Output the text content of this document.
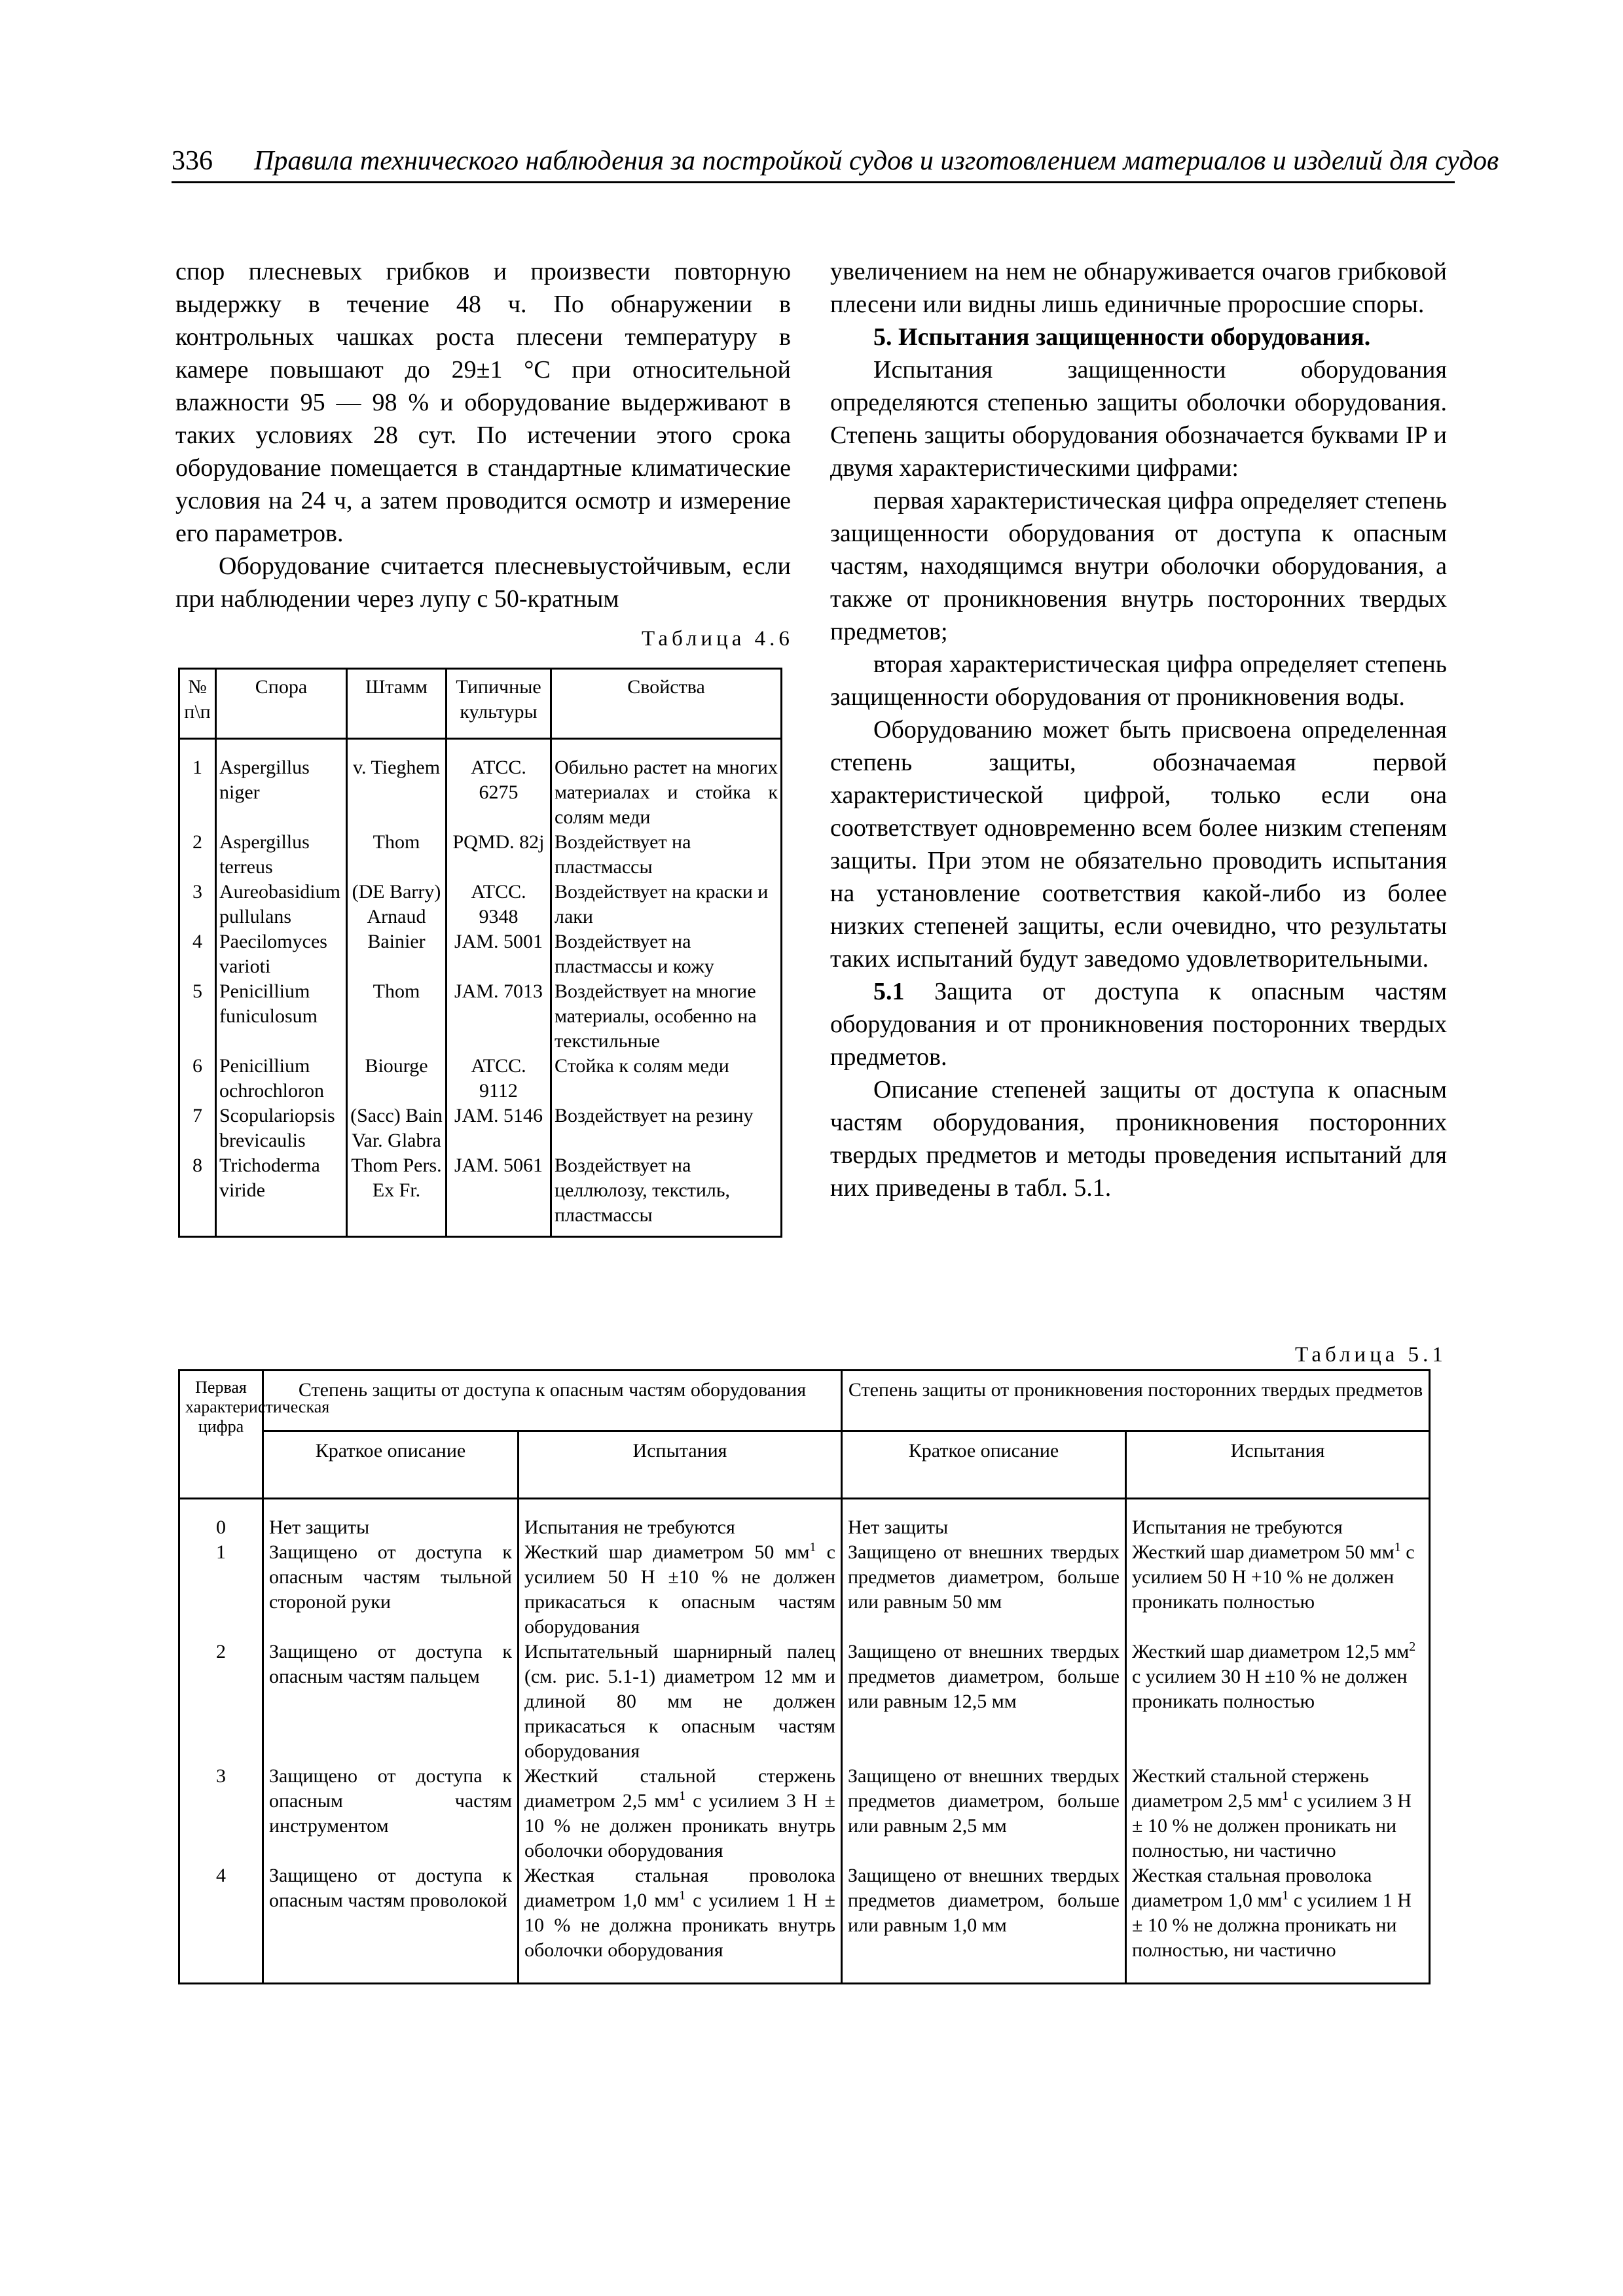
336 Правила технического наблюдения за постройкой судов и изготовлением материалов и изделий для судов

спор плесневых грибков и произвести повторную выдержку в течение 48 ч. По обнаружении в контрольных чашках роста плесени температуру в камере повышают до 29±1 °С при относительной влажности 95 — 98 % и оборудование выдерживают в таких условиях 28 сут. По истечении этого срока оборудование помещается в стандартные климатические условия на 24 ч, а затем проводится осмотр и измерение его параметров.

Оборудование считается плесневыустойчивым, если при наблюдении через лупу с 50-кратным

Таблица 4.6
№ п\п	Спора	Штамм	Типичные культуры	Свойства
1	Aspergillus niger	v. Tieghem	АТСС. 6275	Обильно растет на многих материалах и стойка к солям меди
2	Aspergillus terreus	Thom	PQMD. 82j	Воздействует на пластмассы
3	Aureobasidium pullulans	(DE Barry) Arnaud	ATCC. 9348	Воздействует на краски и лаки
4	Paecilomyces varioti	Bainier	JAM. 5001	Воздействует на пластмассы и кожу
5	Penicillium funiculosum	Thom	JAM. 7013	Воздействует на многие материалы, особенно на текстильные
6	Penicillium ochrochloron	Biourge	ATCC. 9112	Стойка к солям меди
7	Scopulariopsis brevicaulis	(Sacc) Bain Var. Glabra	JAM. 5146	Воздействует на резину
8	Trichoderma viride	Thom Pers. Ex Fr.	JAM. 5061	Воздействует на целлюлозу, текстиль, пластмассы

увеличением на нем не обнаруживается очагов грибковой плесени или видны лишь единичные проросшие споры.

5. Испытания защищенности оборудования.

Испытания защищенности оборудования определяются степенью защиты оболочки оборудования. Степень защиты оборудования обозначается буквами IP и двумя характеристическими цифрами:

первая характеристическая цифра определяет степень защищенности оборудования от доступа к опасным частям, находящимся внутри оболочки оборудования, а также от проникновения внутрь посторонних твердых предметов;

вторая характеристическая цифра определяет степень защищенности оборудования от проникновения воды.

Оборудованию может быть присвоена определенная степень защиты, обозначаемая первой характеристической цифрой, только если она соответствует одновременно всем более низким степеням защиты. При этом не обязательно проводить испытания на установление соответствия какой-либо из более низких степеней защиты, если очевидно, что результаты таких испытаний будут заведомо удовлетворительными.

5.1 Защита от доступа к опасным частям оборудования и от проникновения посторонних твердых предметов.

Описание степеней защиты от доступа к опасным частям оборудования, проникновения посторонних твердых предметов и методы проведения испытаний для них приведены в табл. 5.1.

Таблица 5.1
Первая характеристическая цифра	Степень защиты от доступа к опасным частям оборудования		Степень защиты от проникновения посторонних твердых предметов	
	Краткое описание	Испытания	Краткое описание	Испытания
0	Нет защиты	Испытания не требуются	Нет защиты	Испытания не требуются
1	Защищено от доступа к опасным частям тыльной стороной руки	Жесткий шар диаметром 50 $мм^1$ с усилием 50 Н ±10 % не должен прикасаться к опасным частям оборудования	Защищено от внешних твердых предметов диаметром, больше или равным 50 мм	Жесткий шар диаметром 50 $мм^1$ с усилием 50 Н +10 % не должен проникать полностью
2	Защищено от доступа к опасным частям пальцем	Испытательный шарнирный палец (см. рис. 5.1-1) диаметром 12 мм и длиной 80 мм не должен прикасаться к опасным частям оборудования	Защищено от внешних твердых предметов диаметром, больше или равным 12,5 мм	Жесткий шар диаметром 12,5 $мм^2$ с усилием 30 Н ±10 % не должен проникать полностью
3	Защищено от доступа к опасным частям инструментом	Жесткий стальной стержень диаметром 2,5 $мм^1$ с усилием 3 Н ± 10 % не должен проникать внутрь оболочки оборудования	Защищено от внешних твердых предметов диаметром, больше или равным 2,5 мм	Жесткий стальной стержень диаметром 2,5 $мм^1$ с усилием 3 Н ± 10 % не должен проникать ни полностью, ни частично
4	Защищено от доступа к опасным частям проволокой	Жесткая стальная проволока диаметром 1,0 $мм^1$ с усилием 1 Н ± 10 % не должна проникать внутрь оболочки оборудования	Защищено от внешних твердых предметов диаметром, больше или равным 1,0 мм	Жесткая стальная проволока диаметром 1,0 $мм^1$ с усилием 1 Н ± 10 % не должна проникать ни полностью, ни частично
